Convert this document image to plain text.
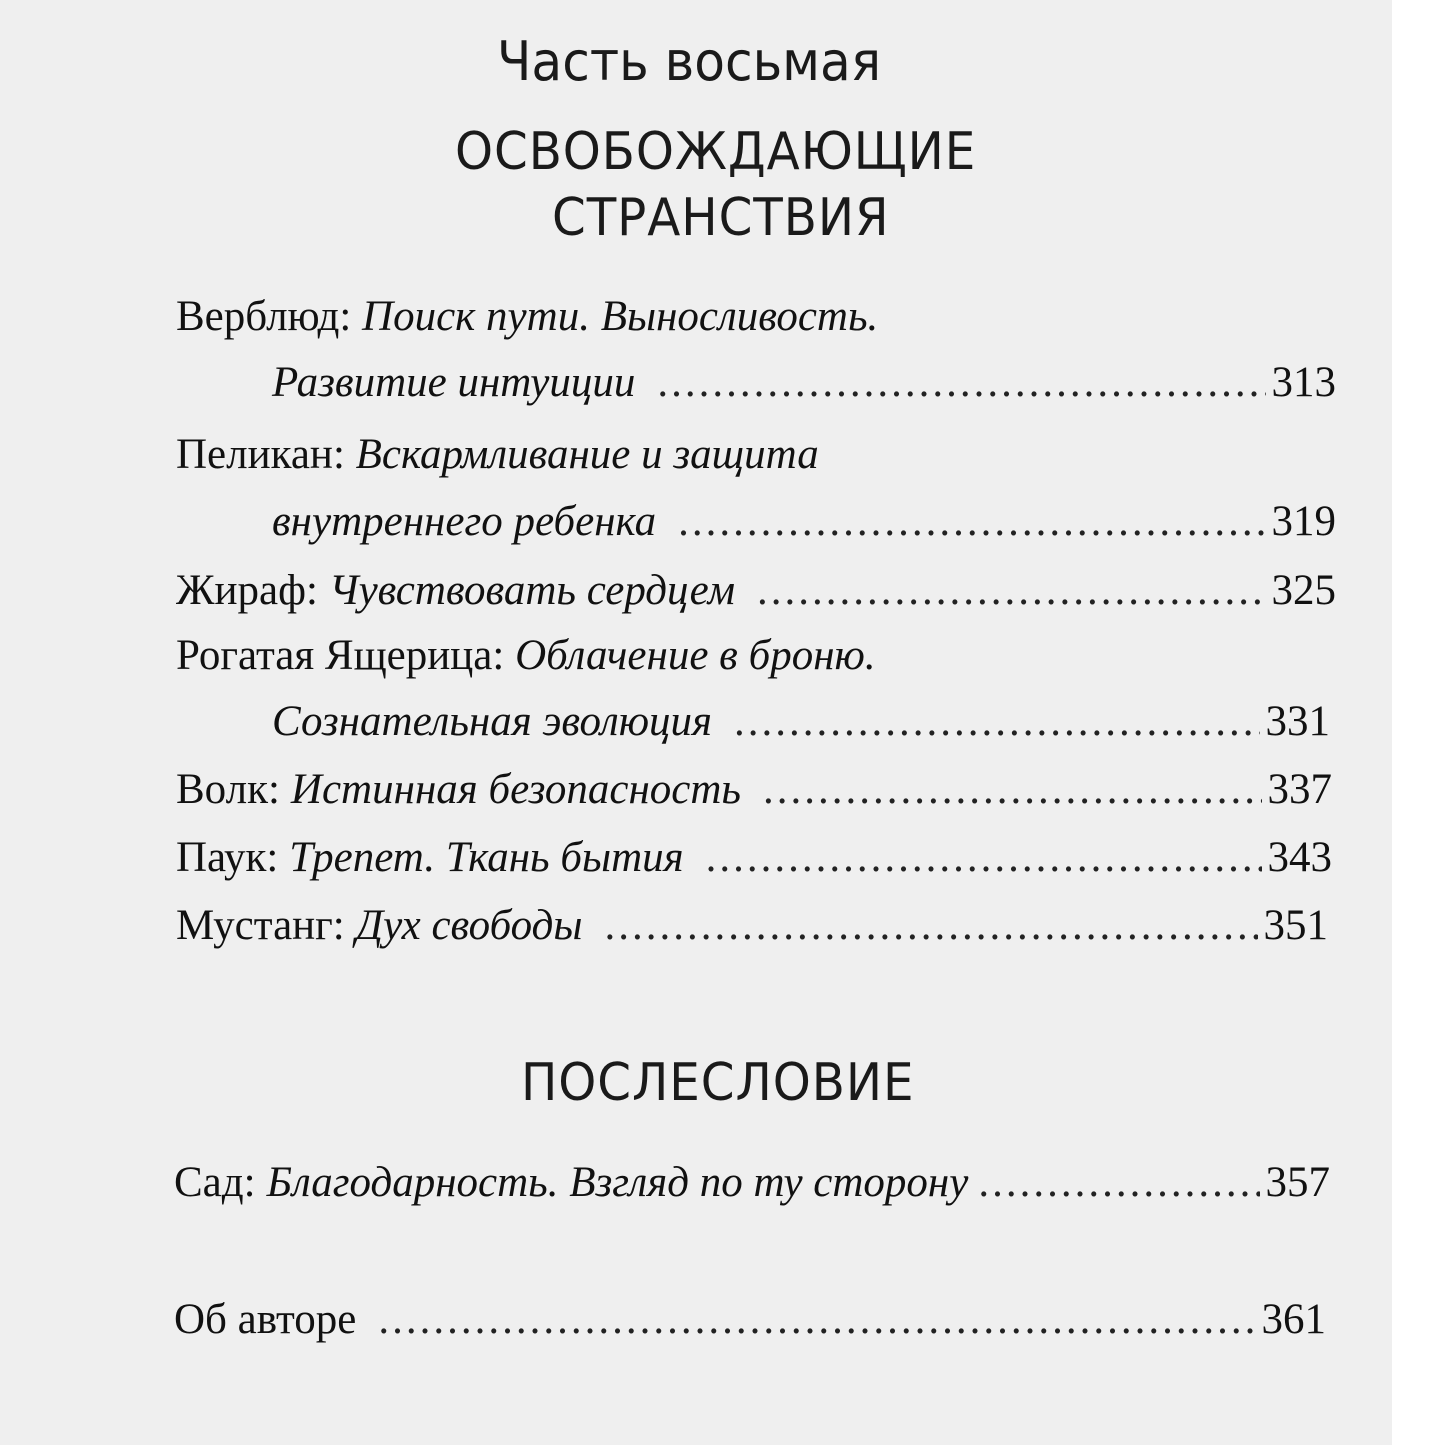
Часть восьмая
ОСВОБОЖДАЮЩИЕ
СТРАНСТВИЯ
Верблюд: Поиск пути. Выносливость.
Развитие интуиции .....	313
Пеликан: Вскармливание и защита
внутреннего ребенка .....	319
Жираф: Чувствовать сердцем .....	325
Рогатая Ящерица: Облачение в броню.
Сознательная эволюция .....	331
Волк: Истинная безопасность .....	337
Паук: Трепет. Ткань бытия .....	343
Мустанг: Дух свободы .....	351
ПОСЛЕСЛОВИЕ
Сад: Благодарность. Взгляд по ту сторону .....	357
Об авторе .....	361
